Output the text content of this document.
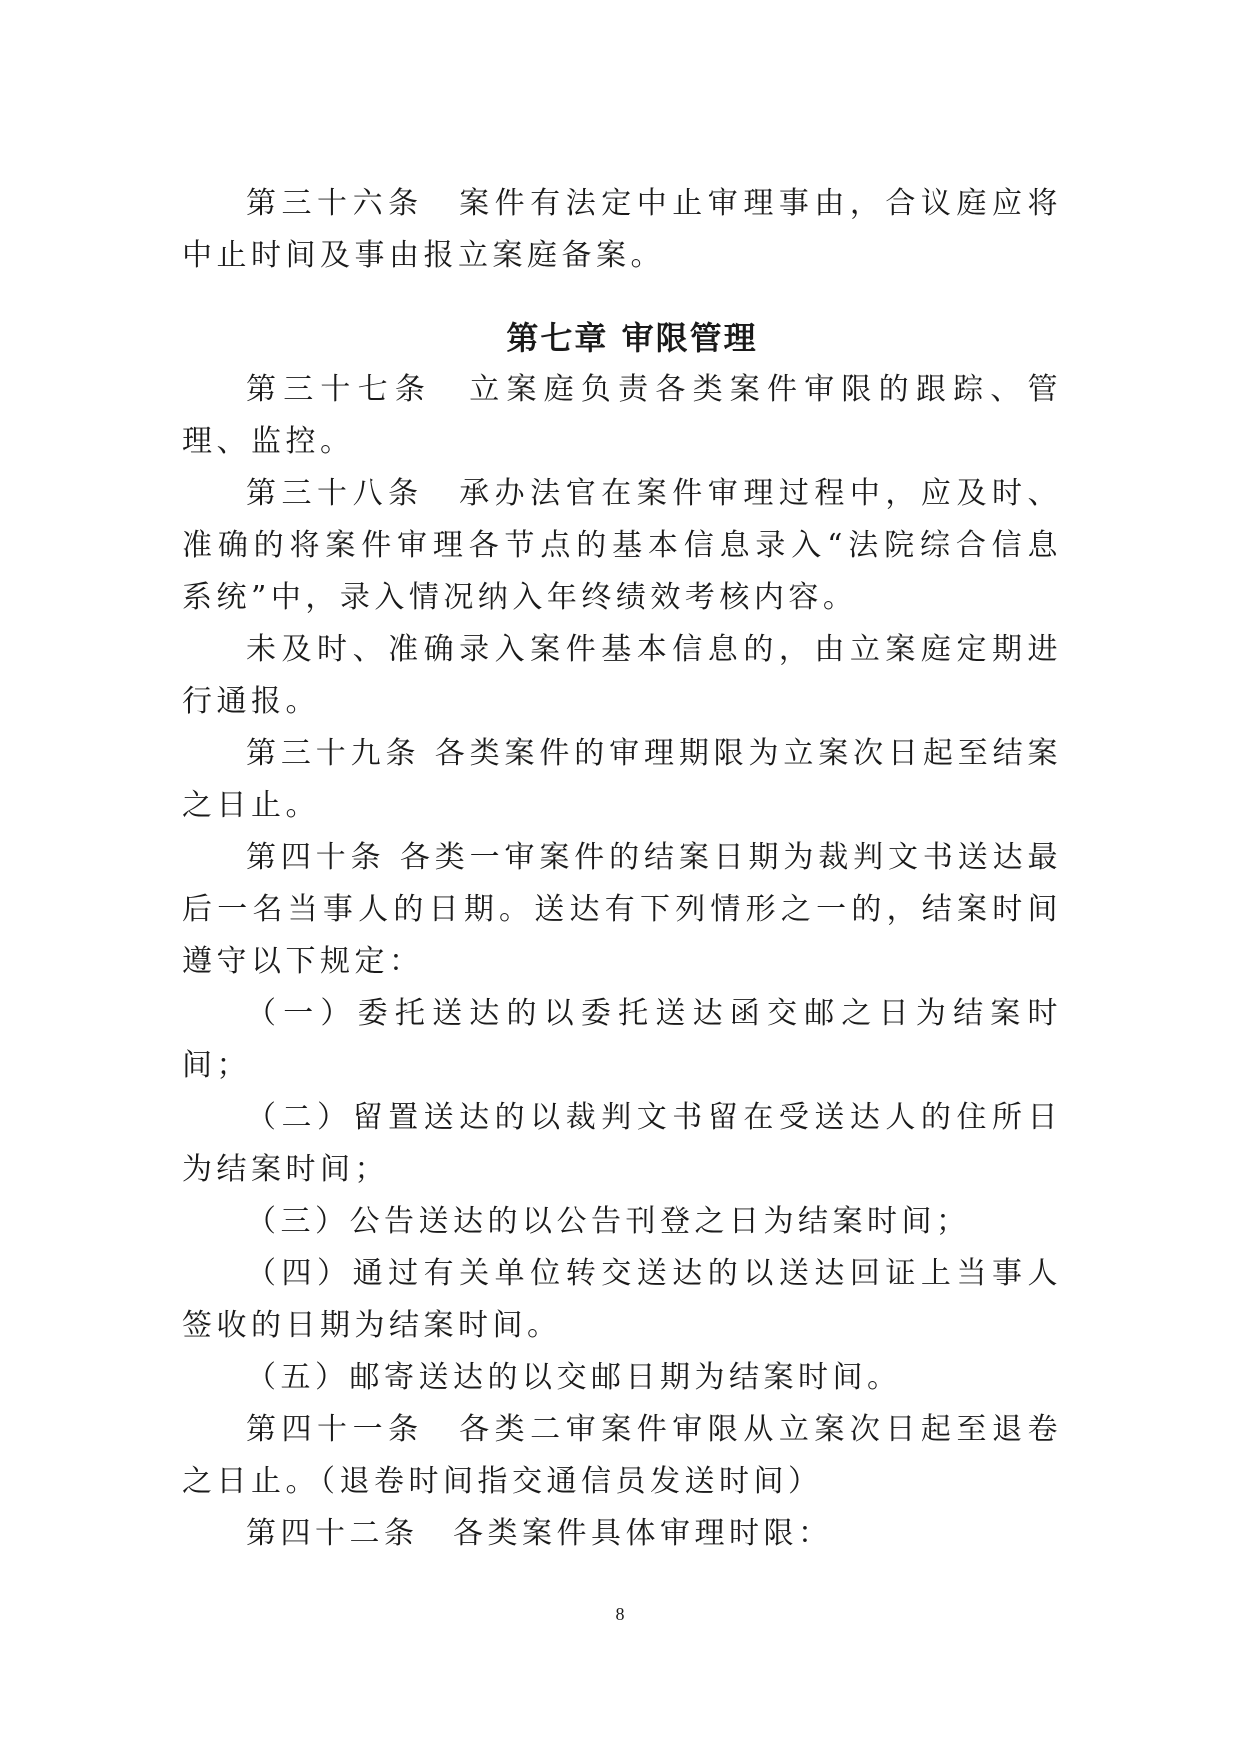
第三十六条　案件有法定中止审理事由，合议庭应将中止时间及事由报立案庭备案。

第七章 审限管理

第三十七条　立案庭负责各类案件审限的跟踪、管理、监控。

第三十八条　承办法官在案件审理过程中，应及时、准确的将案件审理各节点的基本信息录入“法院综合信息系统”中，录入情况纳入年终绩效考核内容。

未及时、准确录入案件基本信息的，由立案庭定期进行通报。

第三十九条 各类案件的审理期限为立案次日起至结案之日止。

第四十条 各类一审案件的结案日期为裁判文书送达最后一名当事人的日期。送达有下列情形之一的，结案时间遵守以下规定：

（一）委托送达的以委托送达函交邮之日为结案时间；

（二）留置送达的以裁判文书留在受送达人的住所日为结案时间；

（三）公告送达的以公告刊登之日为结案时间；

（四）通过有关单位转交送达的以送达回证上当事人签收的日期为结案时间。

（五）邮寄送达的以交邮日期为结案时间。

第四十一条　各类二审案件审限从立案次日起至退卷之日止。（退卷时间指交通信员发送时间）

第四十二条　各类案件具体审理时限：

8
